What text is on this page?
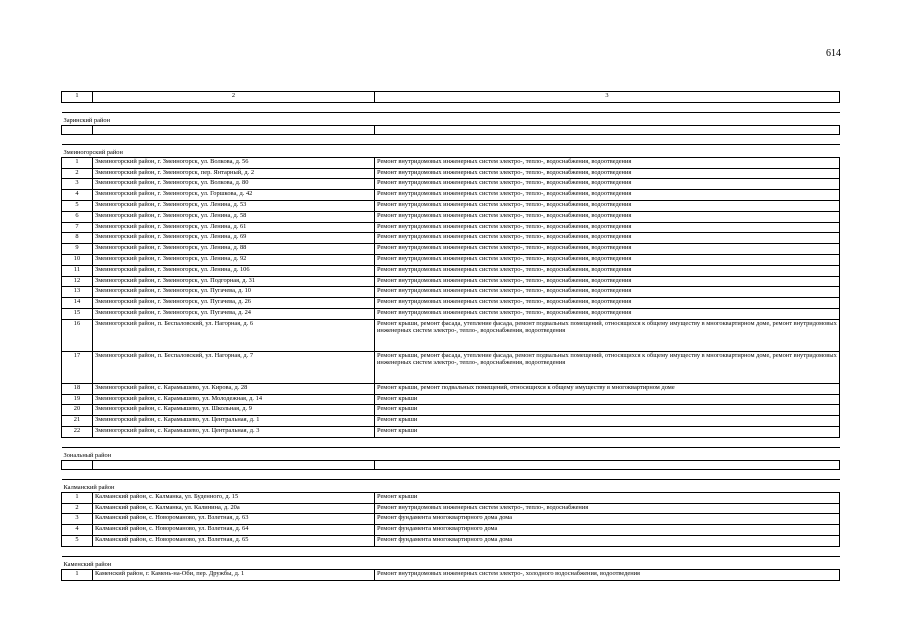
614
1	2	3

Заринский район		

Змеиногорский район		
1	Змеиногорский район, г. Змеиногорск, ул. Волкова, д. 56	Ремонт внутридомовых инженерных систем электро-, тепло-, водоснабжения, водоотведения
2	Змеиногорский район, г. Змеиногорск, пер. Янтарный, д. 2	Ремонт внутридомовых инженерных систем электро-, тепло-, водоснабжения, водоотведения
3	Змеиногорский район, г. Змеиногорск, ул. Волкова, д. 80	Ремонт внутридомовых инженерных систем электро-, тепло-, водоснабжения, водоотведения
4	Змеиногорский район, г. Змеиногорск, ул. Горшкова, д. 42	Ремонт внутридомовых инженерных систем электро-, тепло-, водоснабжения, водоотведения
5	Змеиногорский район, г. Змеиногорск, ул. Ленина, д. 53	Ремонт внутридомовых инженерных систем электро-, тепло-, водоснабжения, водоотведения
6	Змеиногорский район, г. Змеиногорск, ул. Ленина, д. 58	Ремонт внутридомовых инженерных систем электро-, тепло-, водоснабжения, водоотведения
7	Змеиногорский район, г. Змеиногорск, ул. Ленина, д. 61	Ремонт внутридомовых инженерных систем электро-, тепло-, водоснабжения, водоотведения
8	Змеиногорский район, г. Змеиногорск, ул. Ленина, д. 69	Ремонт внутридомовых инженерных систем электро-, тепло-, водоснабжения, водоотведения
9	Змеиногорский район, г. Змеиногорск, ул. Ленина, д. 88	Ремонт внутридомовых инженерных систем электро-, тепло-, водоснабжения, водоотведения
10	Змеиногорский район, г. Змеиногорск, ул. Ленина, д. 92	Ремонт внутридомовых инженерных систем электро-, тепло-, водоснабжения, водоотведения
11	Змеиногорский район, г. Змеиногорск, ул. Ленина, д. 106	Ремонт внутридомовых инженерных систем электро-, тепло-, водоснабжения, водоотведения
12	Змеиногорский район, г. Змеиногорск, ул. Подгорная, д. 31	Ремонт внутридомовых инженерных систем электро-, тепло-, водоснабжения, водоотведения
13	Змеиногорский район, г. Змеиногорск, ул. Пугачева, д. 10	Ремонт внутридомовых инженерных систем электро-, тепло-, водоснабжения, водоотведения
14	Змеиногорский район, г. Змеиногорск, ул. Пугачева, д. 26	Ремонт внутридомовых инженерных систем электро-, тепло-, водоснабжения, водоотведения
15	Змеиногорский район, г. Змеиногорск, ул. Пугачева, д. 24	Ремонт внутридомовых инженерных систем электро-, тепло-, водоснабжения, водоотведения
16	Змеиногорский район, п. Беспаловский, ул. Нагорная, д. 6	Ремонт крыши, ремонт фасада, утепление фасада, ремонт подвальных помещений, относящихся к общему имуществу в многоквартирном доме, ремонт внутридомовых инженерных систем электро-, тепло-, водоснабжения, водоотведения
17	Змеиногорский район, п. Беспаловский, ул. Нагорная, д. 7	Ремонт крыши, ремонт фасада, утепление фасада, ремонт подвальных помещений, относящихся к общему имуществу в многоквартирном доме, ремонт внутридомовых инженерных систем электро-, тепло-, водоснабжения, водоотведения
18	Змеиногорский район, с. Карамышево, ул. Кирова, д. 28	Ремонт крыши, ремонт подвальных помещений, относящихся к общему имуществу в многоквартирном доме
19	Змеиногорский район, с. Карамышево, ул. Молодежная, д. 14	Ремонт крыши
20	Змеиногорский район, с. Карамышево, ул. Школьная, д. 9	Ремонт крыши
21	Змеиногорский район, с. Карамышево, ул. Центральная, д. 1	Ремонт крыши
22	Змеиногорский район, с. Карамышево, ул. Центральная, д. 3	Ремонт крыши

Зональный район		

Калманский район		
1	Калманский район, с. Калманка, ул. Буденного, д. 15	Ремонт крыши
2	Калманский район, с. Калманка, ул. Калинина, д. 20а	Ремонт внутридомовых инженерных систем электро-, тепло-, водоснабжения
3	Калманский район, с. Новороманово, ул. Взлетная, д. 63	Ремонт фундамента многоквартирного дома дома
4	Калманский район, с. Новороманово, ул. Взлетная, д. 64	Ремонт фундамента многоквартирного дома
5	Калманский район, с. Новороманово, ул. Взлетная, д. 65	Ремонт фундамента многоквартирного дома дома

Каменский район		
1	Каменский район, г. Камень-на-Оби, пер. Дружбы, д. 1	Ремонт внутридомовых инженерных систем электро-, холодного водоснабжения, водоотведения
